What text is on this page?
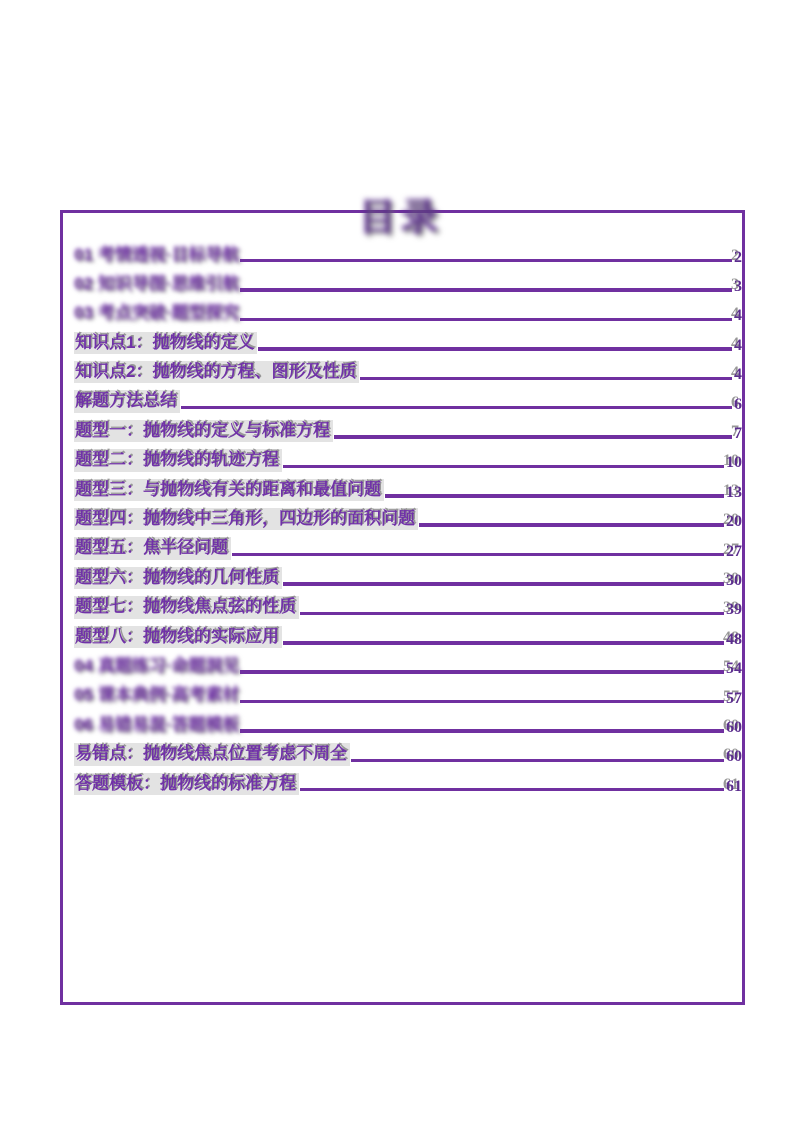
目录
01 考情透视·目标导航	2
02 知识导图·思维引航	3
03 考点突破·题型探究	4
知识点1：抛物线的定义	4
知识点2：抛物线的方程、图形及性质	4
解题方法总结	6
题型一：抛物线的定义与标准方程	7
题型二：抛物线的轨迹方程	10
题型三：与抛物线有关的距离和最值问题	13
题型四：抛物线中三角形，四边形的面积问题	20
题型五：焦半径问题	27
题型六：抛物线的几何性质	30
题型七：抛物线焦点弦的性质	39
题型八：抛物线的实际应用	48
04 真题练习·命题洞见	54
05 课本典例·高考素材	57
06 易错易混·答题模板	60
易错点：抛物线焦点位置考虑不周全	60
答题模板：抛物线的标准方程	61
